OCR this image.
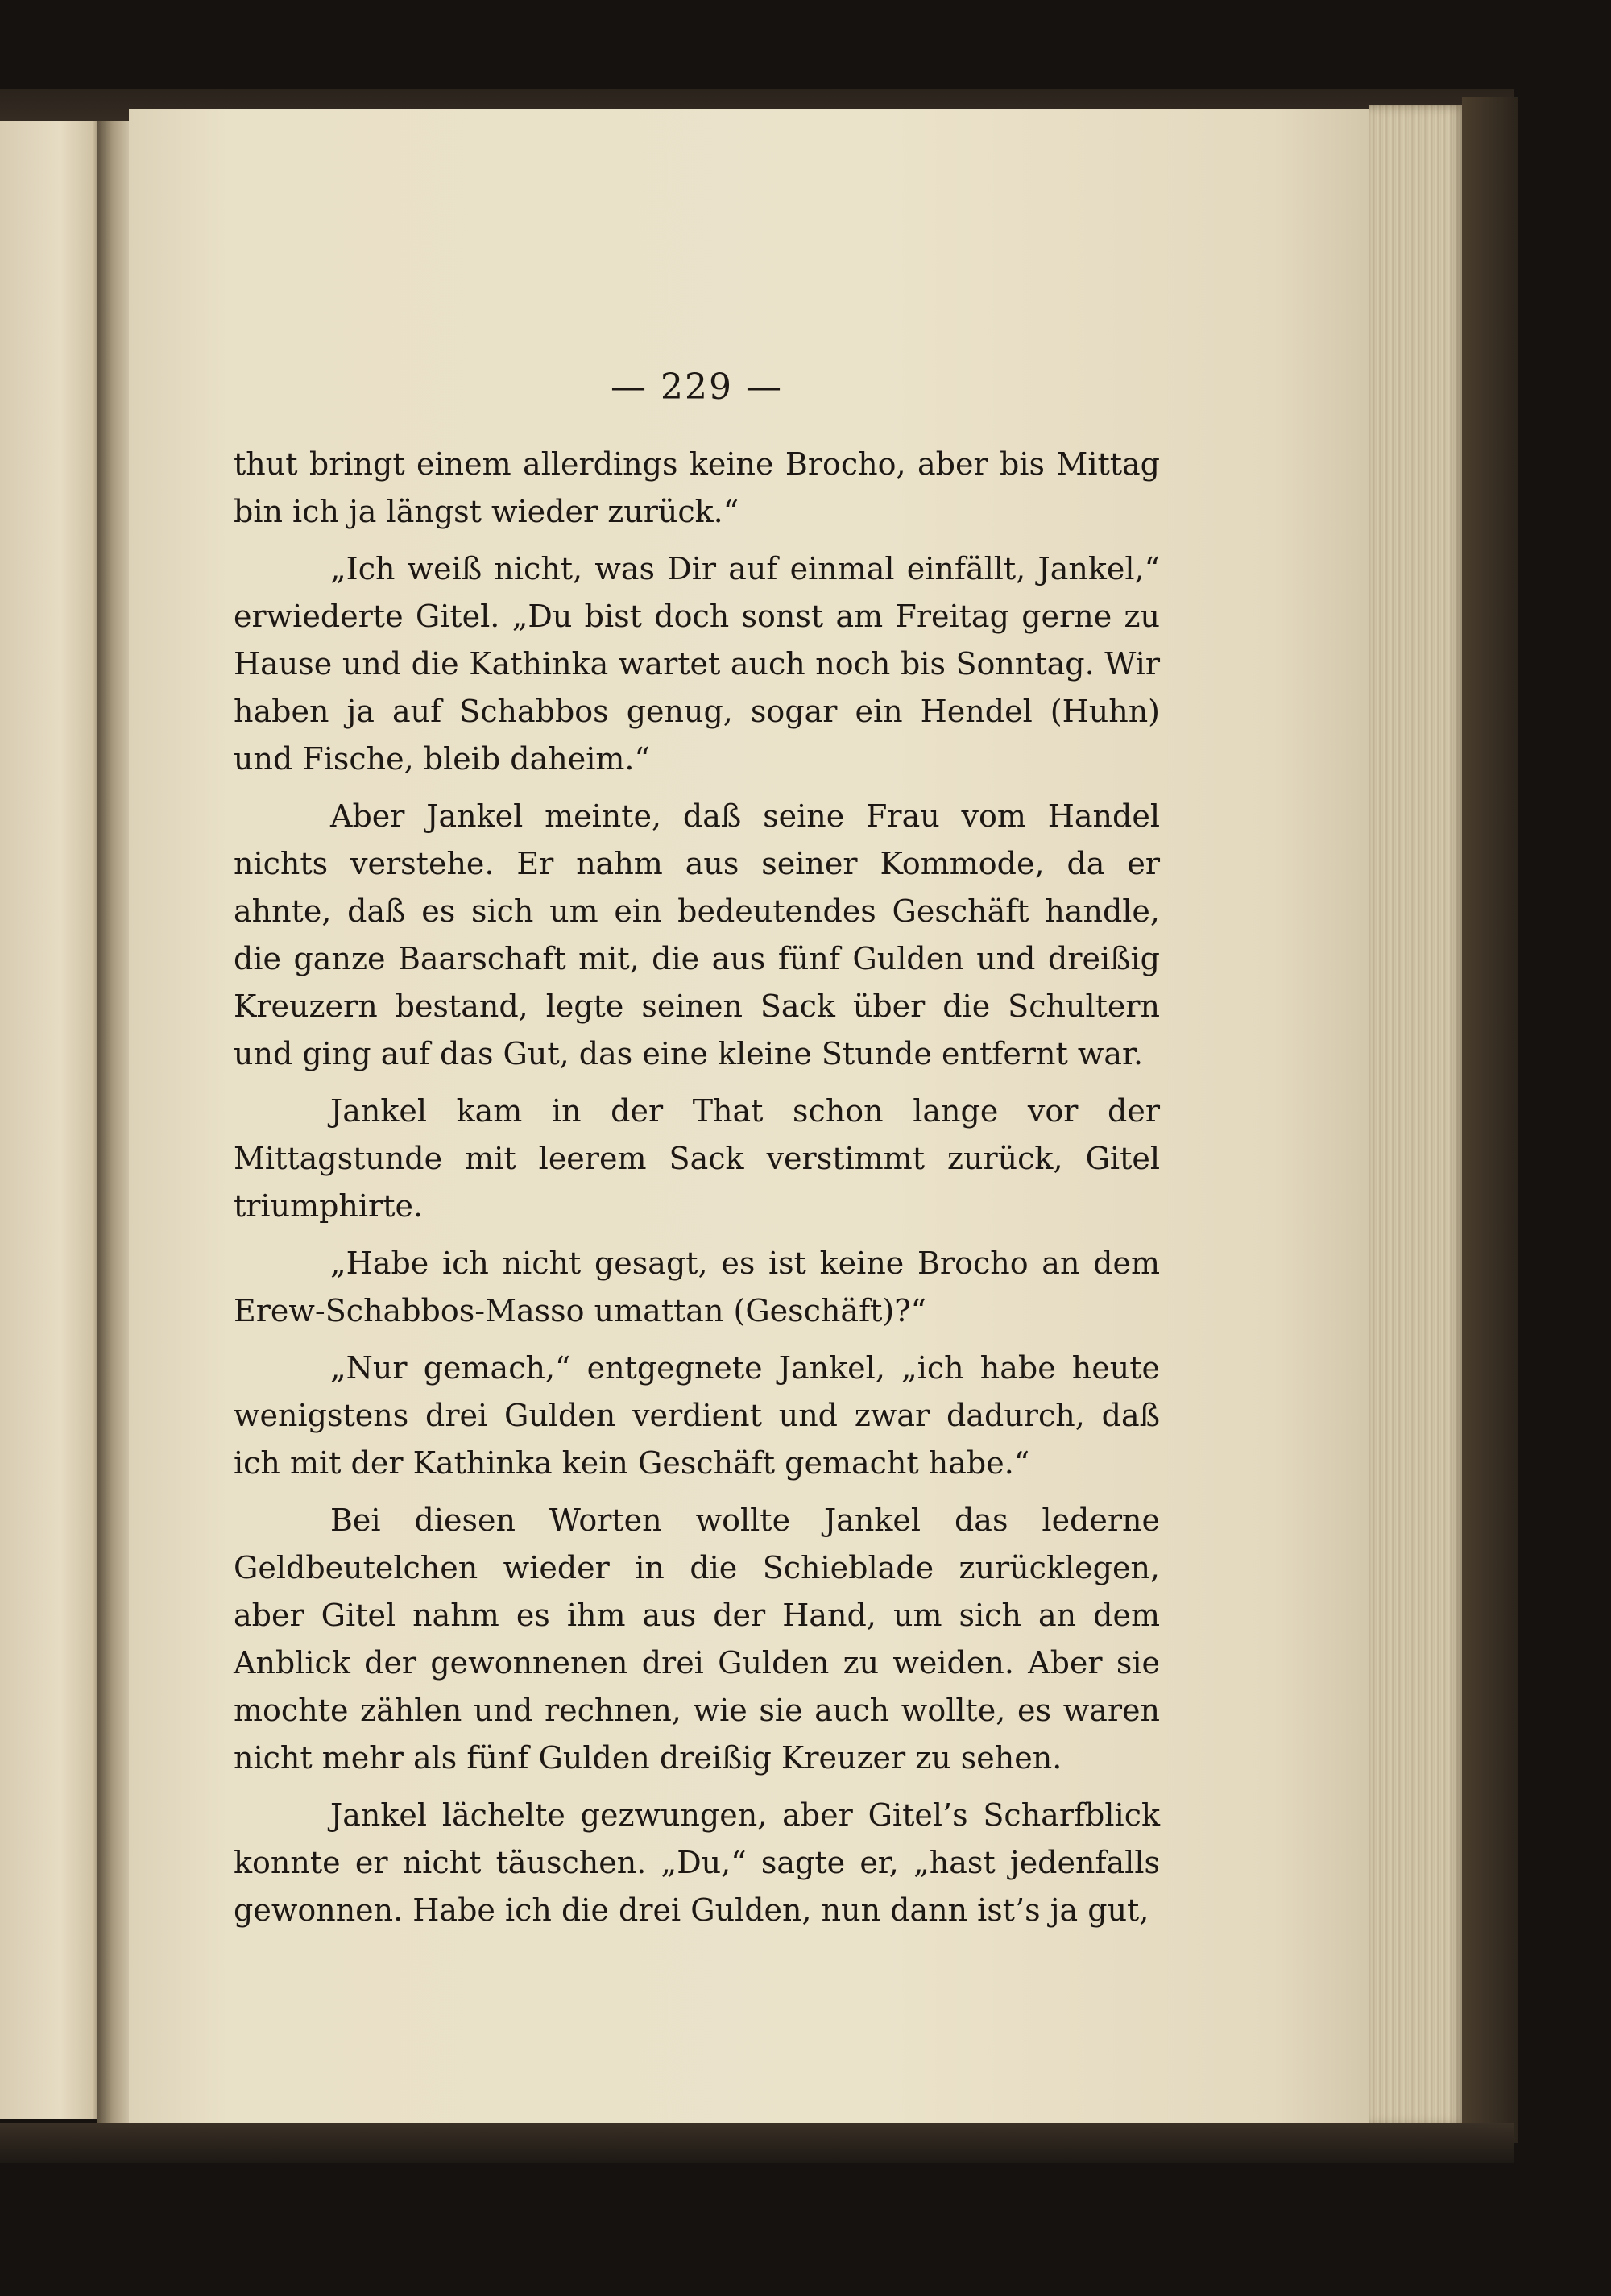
— 229 —

thut bringt einem allerdings keine Brocho, aber bis Mittag bin ich ja längst wieder zurück.“

„Ich weiß nicht, was Dir auf einmal einfällt, Jankel,“ erwiederte Gitel. „Du bist doch sonst am Freitag gerne zu Hause und die Kathinka wartet auch noch bis Sonntag. Wir haben ja auf Schabbos genug, sogar ein Hendel (Huhn) und Fische, bleib daheim.“

Aber Jankel meinte, daß seine Frau vom Handel nichts verstehe. Er nahm aus seiner Kommode, da er ahnte, daß es sich um ein bedeutendes Geschäft handle, die ganze Baarschaft mit, die aus fünf Gulden und dreißig Kreuzern bestand, legte seinen Sack über die Schultern und ging auf das Gut, das eine kleine Stunde entfernt war.

Jankel kam in der That schon lange vor der Mittagstunde mit leerem Sack verstimmt zurück, Gitel triumphirte.

„Habe ich nicht gesagt, es ist keine Brocho an dem Erew-Schabbos-Masso umattan (Geschäft)?“

„Nur gemach,“ entgegnete Jankel, „ich habe heute wenigstens drei Gulden verdient und zwar dadurch, daß ich mit der Kathinka kein Geschäft gemacht habe.“

Bei diesen Worten wollte Jankel das lederne Geldbeutelchen wieder in die Schieblade zurücklegen, aber Gitel nahm es ihm aus der Hand, um sich an dem Anblick der gewonnenen drei Gulden zu weiden. Aber sie mochte zählen und rechnen, wie sie auch wollte, es waren nicht mehr als fünf Gulden dreißig Kreuzer zu sehen.

Jankel lächelte gezwungen, aber Gitel’s Scharfblick konnte er nicht täuschen. „Du,“ sagte er, „hast jedenfalls gewonnen. Habe ich die drei Gulden, nun dann ist’s ja gut,
